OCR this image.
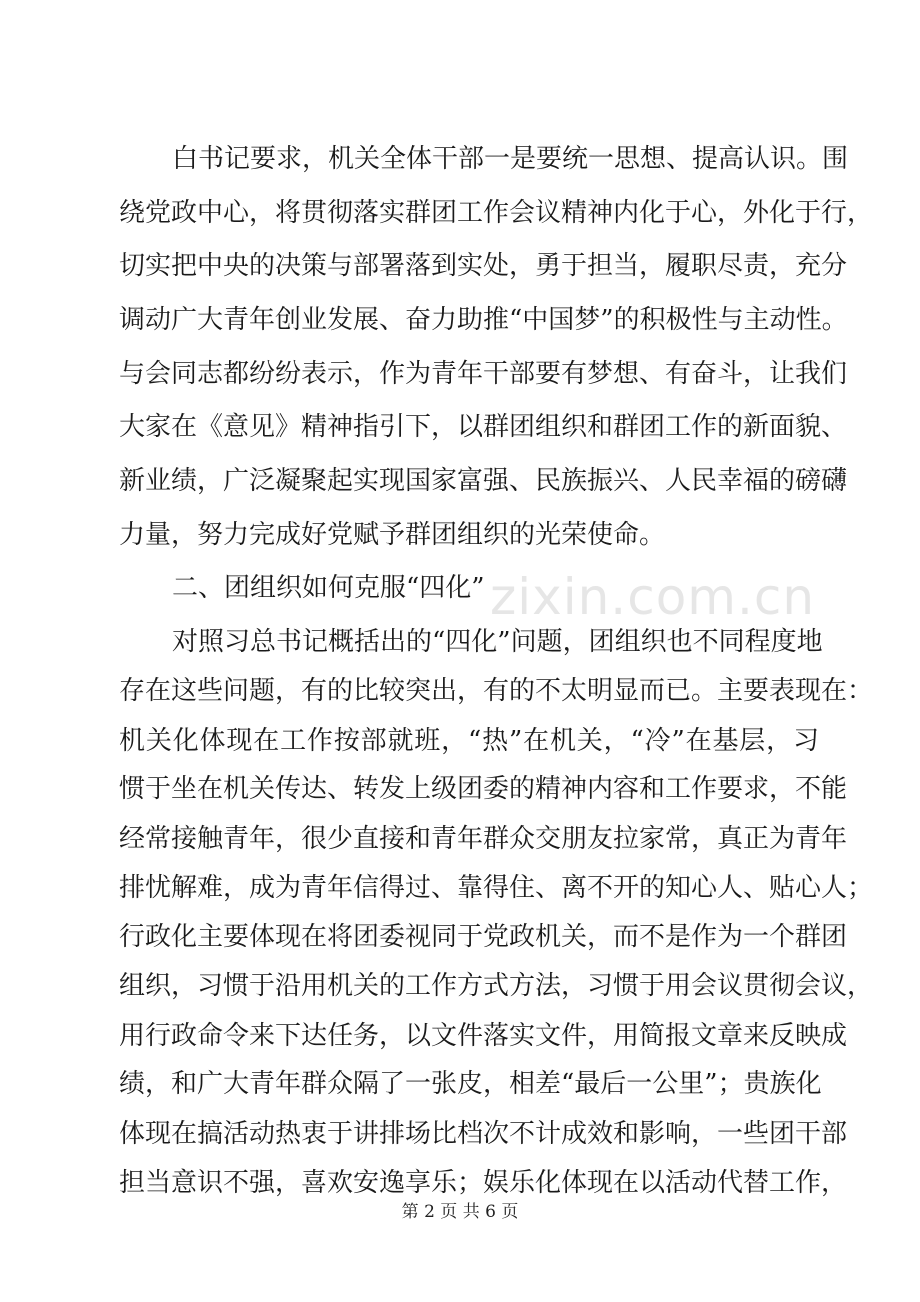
zixin.com.cn
白书记要求，机关全体干部一是要统一思想、提高认识。围
绕党政中心，将贯彻落实群团工作会议精神内化于心，外化于行，
切实把中央的决策与部署落到实处，勇于担当，履职尽责，充分
调动广大青年创业发展、奋力助推“中国梦”的积极性与主动性。
与会同志都纷纷表示，作为青年干部要有梦想、有奋斗，让我们
大家在《意见》精神指引下，以群团组织和群团工作的新面貌、
新业绩，广泛凝聚起实现国家富强、民族振兴、人民幸福的磅礴
力量，努力完成好党赋予群团组织的光荣使命。
二、团组织如何克服“四化”
对照习总书记概括出的“四化”问题，团组织也不同程度地
存在这些问题，有的比较突出，有的不太明显而已。主要表现在：
机关化体现在工作按部就班，“热”在机关，“冷”在基层，习
惯于坐在机关传达、转发上级团委的精神内容和工作要求，不能
经常接触青年，很少直接和青年群众交朋友拉家常，真正为青年
排忧解难，成为青年信得过、靠得住、离不开的知心人、贴心人；
行政化主要体现在将团委视同于党政机关，而不是作为一个群团
组织，习惯于沿用机关的工作方式方法，习惯于用会议贯彻会议，
用行政命令来下达任务，以文件落实文件，用简报文章来反映成
绩，和广大青年群众隔了一张皮，相差“最后一公里”；贵族化
体现在搞活动热衷于讲排场比档次不计成效和影响，一些团干部
担当意识不强，喜欢安逸享乐；娱乐化体现在以活动代替工作，
第 2 页 共 6 页
